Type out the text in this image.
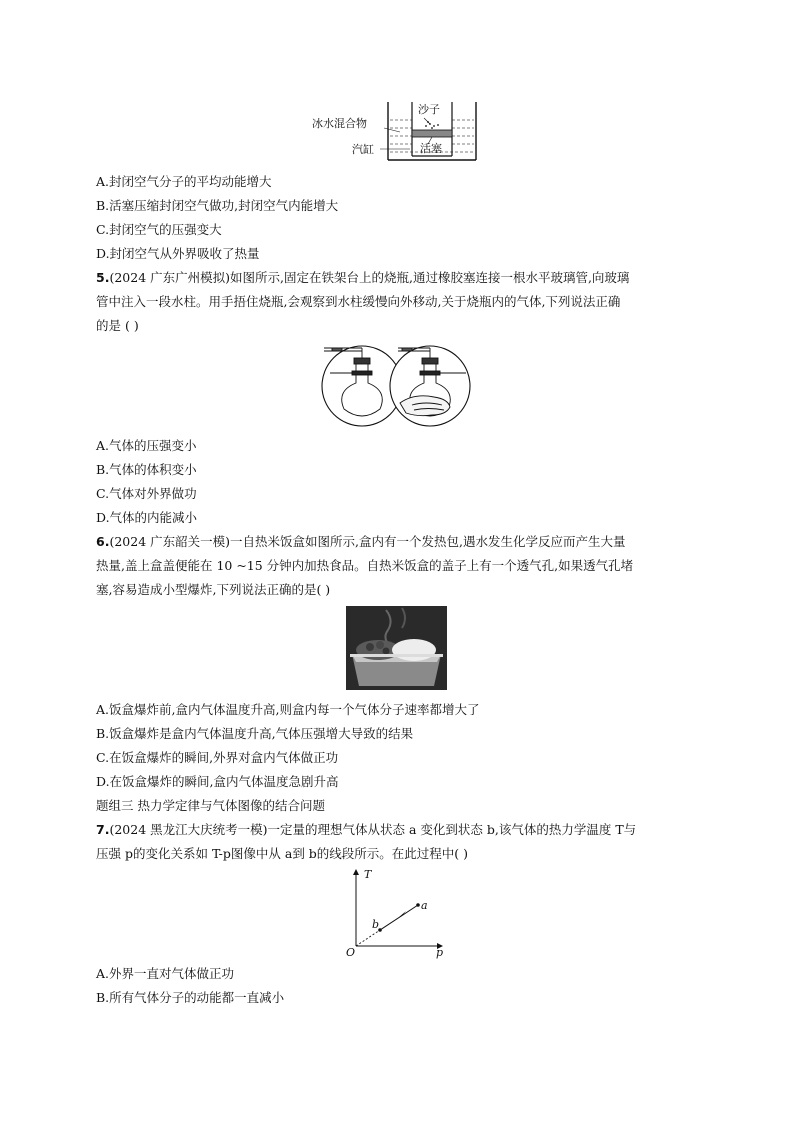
沙子
冰水混合物
汽缸	活塞
A.封闭空气分子的平均动能增大
B.活塞压缩封闭空气做功,封闭空气内能增大
C.封闭空气的压强变大
D.封闭空气从外界吸收了热量
5.(2024 广东广州模拟)如图所示,固定在铁架台上的烧瓶,通过橡胶塞连接一根水平玻璃管,向玻璃
管中注入一段水柱。用手捂住烧瓶,会观察到水柱缓慢向外移动,关于烧瓶内的气体,下列说法正确
的是 ( )
A.气体的压强变小
B.气体的体积变小
C.气体对外界做功
D.气体的内能减小
6.(2024 广东韶关一模)一自热米饭盒如图所示,盒内有一个发热包,遇水发生化学反应而产生大量
热量,盖上盒盖便能在 10 ~15 分钟内加热食品。自热米饭盒的盖子上有一个透气孔,如果透气孔堵
塞,容易造成小型爆炸,下列说法正确的是( )
A.饭盒爆炸前,盒内气体温度升高,则盒内每一个气体分子速率都增大了
B.饭盒爆炸是盒内气体温度升高,气体压强增大导致的结果
C.在饭盒爆炸的瞬间,外界对盒内气体做正功
D.在饭盒爆炸的瞬间,盒内气体温度急剧升高
题组三 热力学定律与气体图像的结合问题
7.(2024 黑龙江大庆统考一模)一定量的理想气体从状态 a 变化到状态 b,该气体的热力学温度 T与
压强 p的变化关系如 T-p图像中从 a到 b的线段所示。在此过程中( )
T
p
O
a
b
A.外界一直对气体做正功
B.所有气体分子的动能都一直减小
